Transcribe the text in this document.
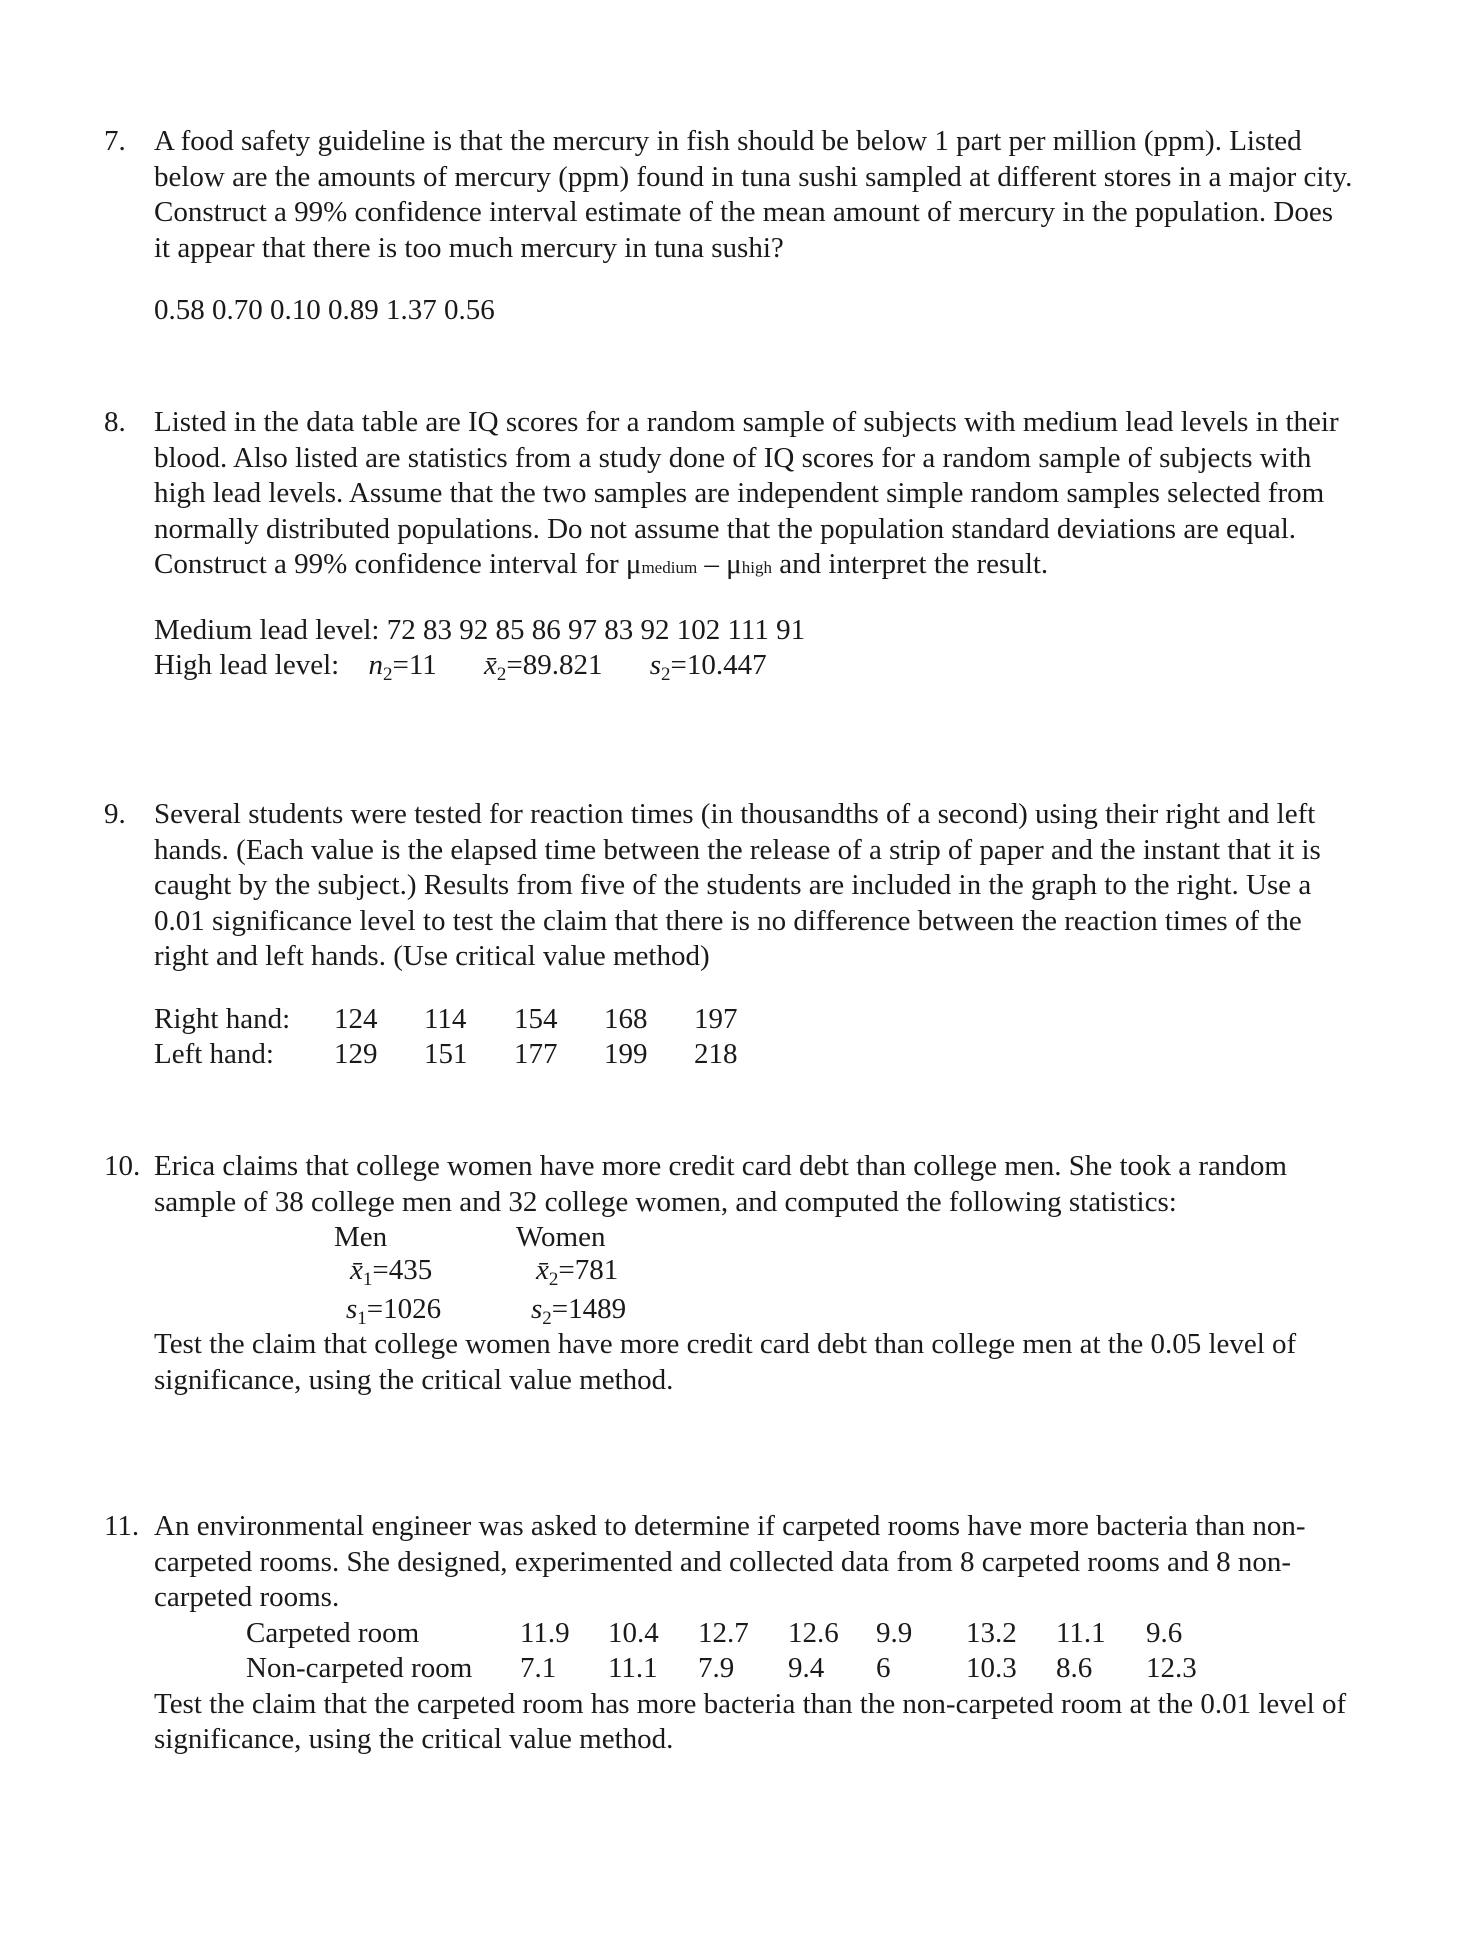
7. A food safety guideline is that the mercury in fish should be below 1 part per million (ppm). Listed below are the amounts of mercury (ppm) found in tuna sushi sampled at different stores in a major city. Construct a 99% confidence interval estimate of the mean amount of mercury in the population. Does it appear that there is too much mercury in tuna sushi?
0.58 0.70 0.10 0.89 1.37 0.56
8. Listed in the data table are IQ scores for a random sample of subjects with medium lead levels in their blood. Also listed are statistics from a study done of IQ scores for a random sample of subjects with high lead levels. Assume that the two samples are independent simple random samples selected from normally distributed populations. Do not assume that the population standard deviations are equal. Construct a 99% confidence interval for μmedium – μhigh and interpret the result.
Medium lead level: 72 83 92 85 86 97 83 92 102 111 91
High lead level: $n_2=11$ $x̄_2=89.821$ $s_2=10.447$
9. Several students were tested for reaction times (in thousandths of a second) using their right and left hands. (Each value is the elapsed time between the release of a strip of paper and the instant that it is caught by the subject.) Results from five of the students are included in the graph to the right. Use a 0.01 significance level to test the claim that there is no difference between the reaction times of the right and left hands. (Use critical value method)
Right hand: 124 114 154 168 197
Left hand: 129 151 177 199 218
10. Erica claims that college women have more credit card debt than college men. She took a random sample of 38 college men and 32 college women, and computed the following statistics:
Men	Women
$x̄_1=435$	$x̄_2=781$
$s_1=1026$	$s_2=1489$
Test the claim that college women have more credit card debt than college men at the 0.05 level of significance, using the critical value method.
11. An environmental engineer was asked to determine if carpeted rooms have more bacteria than non-carpeted rooms. She designed, experimented and collected data from 8 carpeted rooms and 8 non-carpeted rooms.
Carpeted room	11.9 10.4 12.7 12.6 9.9 13.2 11.1 9.6
Non-carpeted room 7.1 11.1 7.9 9.4 6	10.3 8.6 12.3
Test the claim that the carpeted room has more bacteria than the non-carpeted room at the 0.01 level of significance, using the critical value method.
